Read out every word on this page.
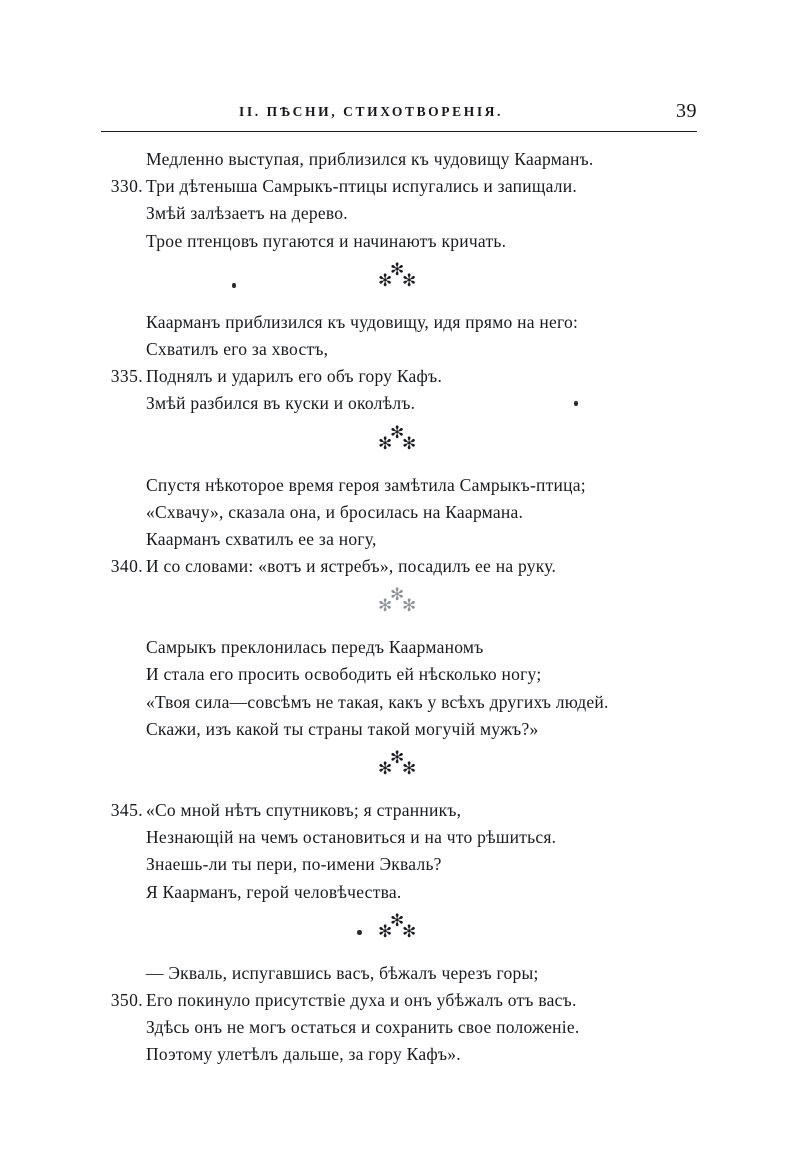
II. ПѢСНИ, СТИХОТВОРЕНІЯ.	39
Медленно выступая, приблизился къ чудовищу Каарманъ.
330. Три дѣтеныша Самрыкъ-птицы испугались и запищали.
Змѣй залѣзаетъ на дерево.
Трое птенцовъ пугаются и начинаютъ кричать.
✻
✻ ✻
Каарманъ приблизился къ чудовищу, идя прямо на него:
Схватилъ его за хвостъ,
335. Поднялъ и ударилъ его объ гору Кафъ.
Змѣй разбился въ куски и околѣлъ.
✻
✻ ✻
Спустя нѣкоторое время героя замѣтила Самрыкъ-птица;
«Схвачу», сказала она, и бросилась на Каармана.
Каарманъ схватилъ ее за ногу,
340. И со словами: «вотъ и ястребъ», посадилъ ее на руку.
✻
✻ ✻
Самрыкъ преклонилась передъ Каарманомъ
И стала его просить освободить ей нѣсколько ногу;
«Твоя сила—совсѣмъ не такая, какъ у всѣхъ другихъ людей.
Скажи, изъ какой ты страны такой могучій мужъ?»
✻
✻ ✻
345. «Со мной нѣтъ спутниковъ; я странникъ,
Незнающій на чемъ остановиться и на что рѣшиться.
Знаешь-ли ты пери, по-имени Экваль?
Я Каарманъ, герой человѣчества.
✻
✻ ✻
— Экваль, испугавшись васъ, бѣжалъ черезъ горы;
350. Его покинуло присутствіе духа и онъ убѣжалъ отъ васъ.
Здѣсь онъ не могъ остаться и сохранить свое положеніе.
Поэтому улетѣлъ дальше, за гору Кафъ».
